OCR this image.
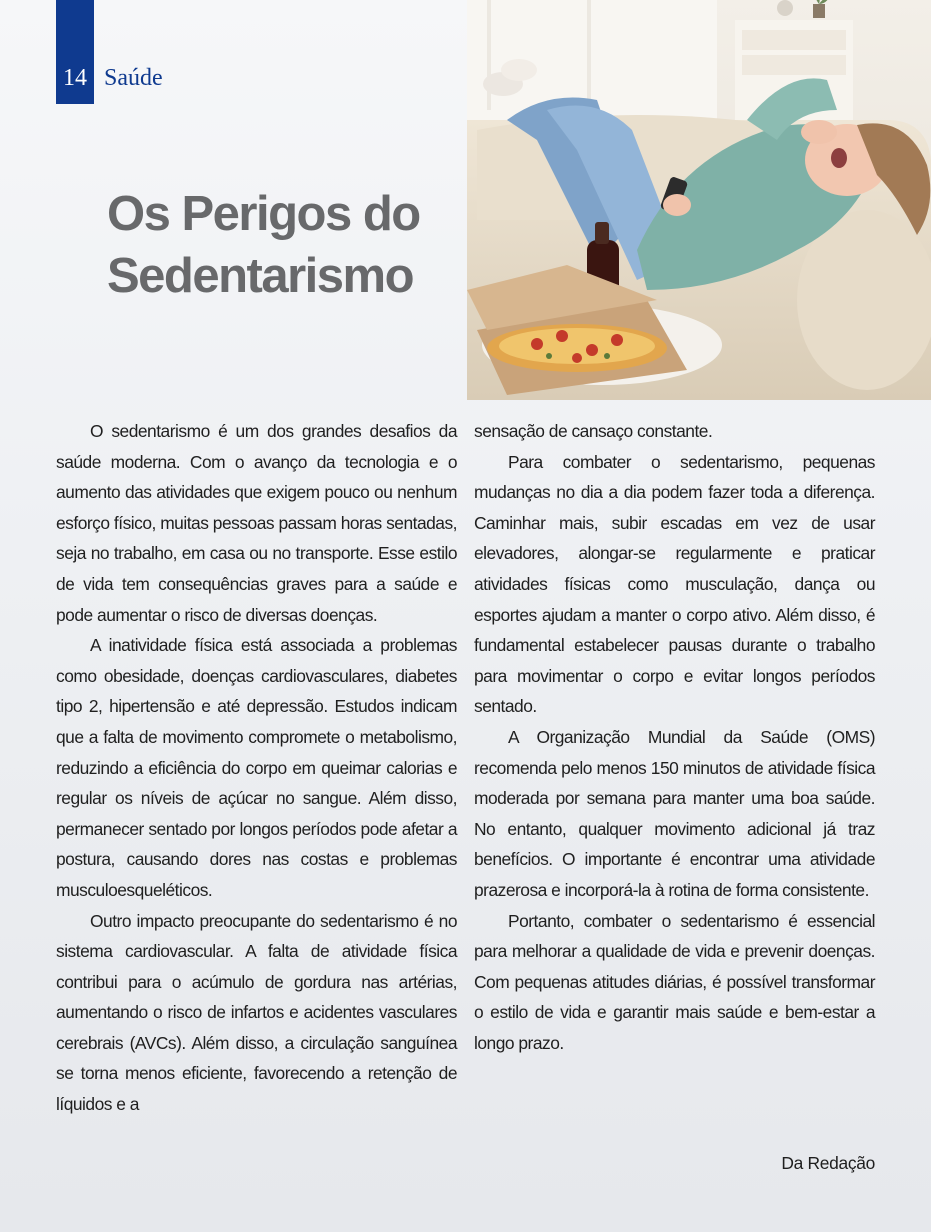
14 Saúde
Os Perigos do
Sedentarismo

O sedentarismo é um dos grandes desafios da saúde moderna. Com o avanço da tecnologia e o aumento das atividades que exigem pouco ou nenhum esforço físico, muitas pessoas passam horas sentadas, seja no trabalho, em casa ou no transporte. Esse estilo de vida tem consequências graves para a saúde e pode aumentar o risco de diversas doenças.

A inatividade física está associada a problemas como obesidade, doenças cardiovasculares, diabetes tipo 2, hipertensão e até depressão. Estudos indicam que a falta de movimento compromete o metabolismo, reduzindo a eficiência do corpo em queimar calorias e regular os níveis de açúcar no sangue. Além disso, permanecer sentado por longos períodos pode afetar a postura, causando dores nas costas e problemas musculoesqueléticos.

Outro impacto preocupante do sedentarismo é no sistema cardiovascular. A falta de atividade física contribui para o acúmulo de gordura nas artérias, aumentando o risco de infartos e acidentes vasculares cerebrais (AVCs). Além disso, a circulação sanguínea se torna menos eficiente, favorecendo a retenção de líquidos e a

sensação de cansaço constante.

Para combater o sedentarismo, pequenas mudanças no dia a dia podem fazer toda a diferença. Caminhar mais, subir escadas em vez de usar elevadores, alongar-se regularmente e praticar atividades físicas como musculação, dança ou esportes ajudam a manter o corpo ativo. Além disso, é fundamental estabelecer pausas durante o trabalho para movimentar o corpo e evitar longos períodos sentado.

A Organização Mundial da Saúde (OMS) recomenda pelo menos 150 minutos de atividade física moderada por semana para manter uma boa saúde. No entanto, qualquer movimento adicional já traz benefícios. O importante é encontrar uma atividade prazerosa e incorporá-la à rotina de forma consistente.

Portanto, combater o sedentarismo é essencial para melhorar a qualidade de vida e prevenir doenças. Com pequenas atitudes diárias, é possível transformar o estilo de vida e garantir mais saúde e bem-estar a longo prazo.

Da Redação
